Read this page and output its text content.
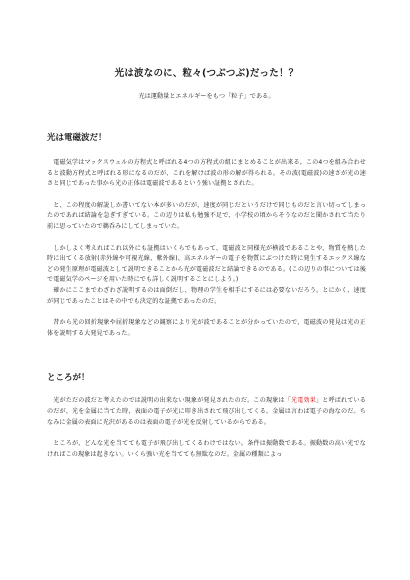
光は波なのに、粒々(つぶつぶ)だった！？

光は運動量とエネルギーをもつ「粒子」である。

光は電磁波だ！

　電磁気学はマックスウェルの方程式と呼ばれる4つの方程式の組にまとめることが出来る。この4つを組み合わせると波動方程式と呼ばれる形になるのだが、これを解けば波の形の解が得られる。その波(電磁波)の速さが光の速さと同じであった事から光の正体は電磁波であるという強い証拠とされた。

　と、この程度の解説しか書いてない本が多いのだが、速度が同じだというだけで同じものだと言い切ってしまったのであれば結論を急ぎすぎている。この辺りは私も勉強不足で、小学校の頃からそうなのだと聞かされて当たり前に思っていたので鵜呑みにしてしまっていた。

　しかしよく考えればこれ以外にも証拠はいくらでもあって、電磁波と同様光が横波であることや、物質を熱した時に出てくる放射(赤外線や可視光線、紫外線)、高エネルギーの電子を物質にぶつけた時に発生するエックス線などの発生原理が電磁波として説明できることから光が電磁波だと結論できるのである。(この辺りの事については後で電磁気学のページを用いた時にでも詳しく説明することにしよう。)

　確かにここまでわざわざ説明するのは面倒だし、物理の学生を相手にするには必要ないだろう。とにかく、速度が同じであったことはその中でも決定的な証拠であったのだ。

　昔から光の回折現象や屈折現象などの観察により光が波であることが分かっていたので、電磁波の発見は光の正体を説明する大発見であった。

ところが！

　光がただの波だと考えたのでは説明の出来ない現象が発見されたのだ。この現象は「光電効果」と呼ばれているのだが、光を金属に当てた時、表面の電子が光に叩き出されて飛び出してくる。金属は言わば電子の海なのだ。ちなみに金属の表面に光沢があるのは表面の電子が光を反射しているからである。

　ところが、どんな光を当てても電子が飛び出してくるわけではない。条件は振動数である。振動数の高い光でなければこの現象は起きない。いくら強い光を当てても無駄なのだ。金属の種類によっ
